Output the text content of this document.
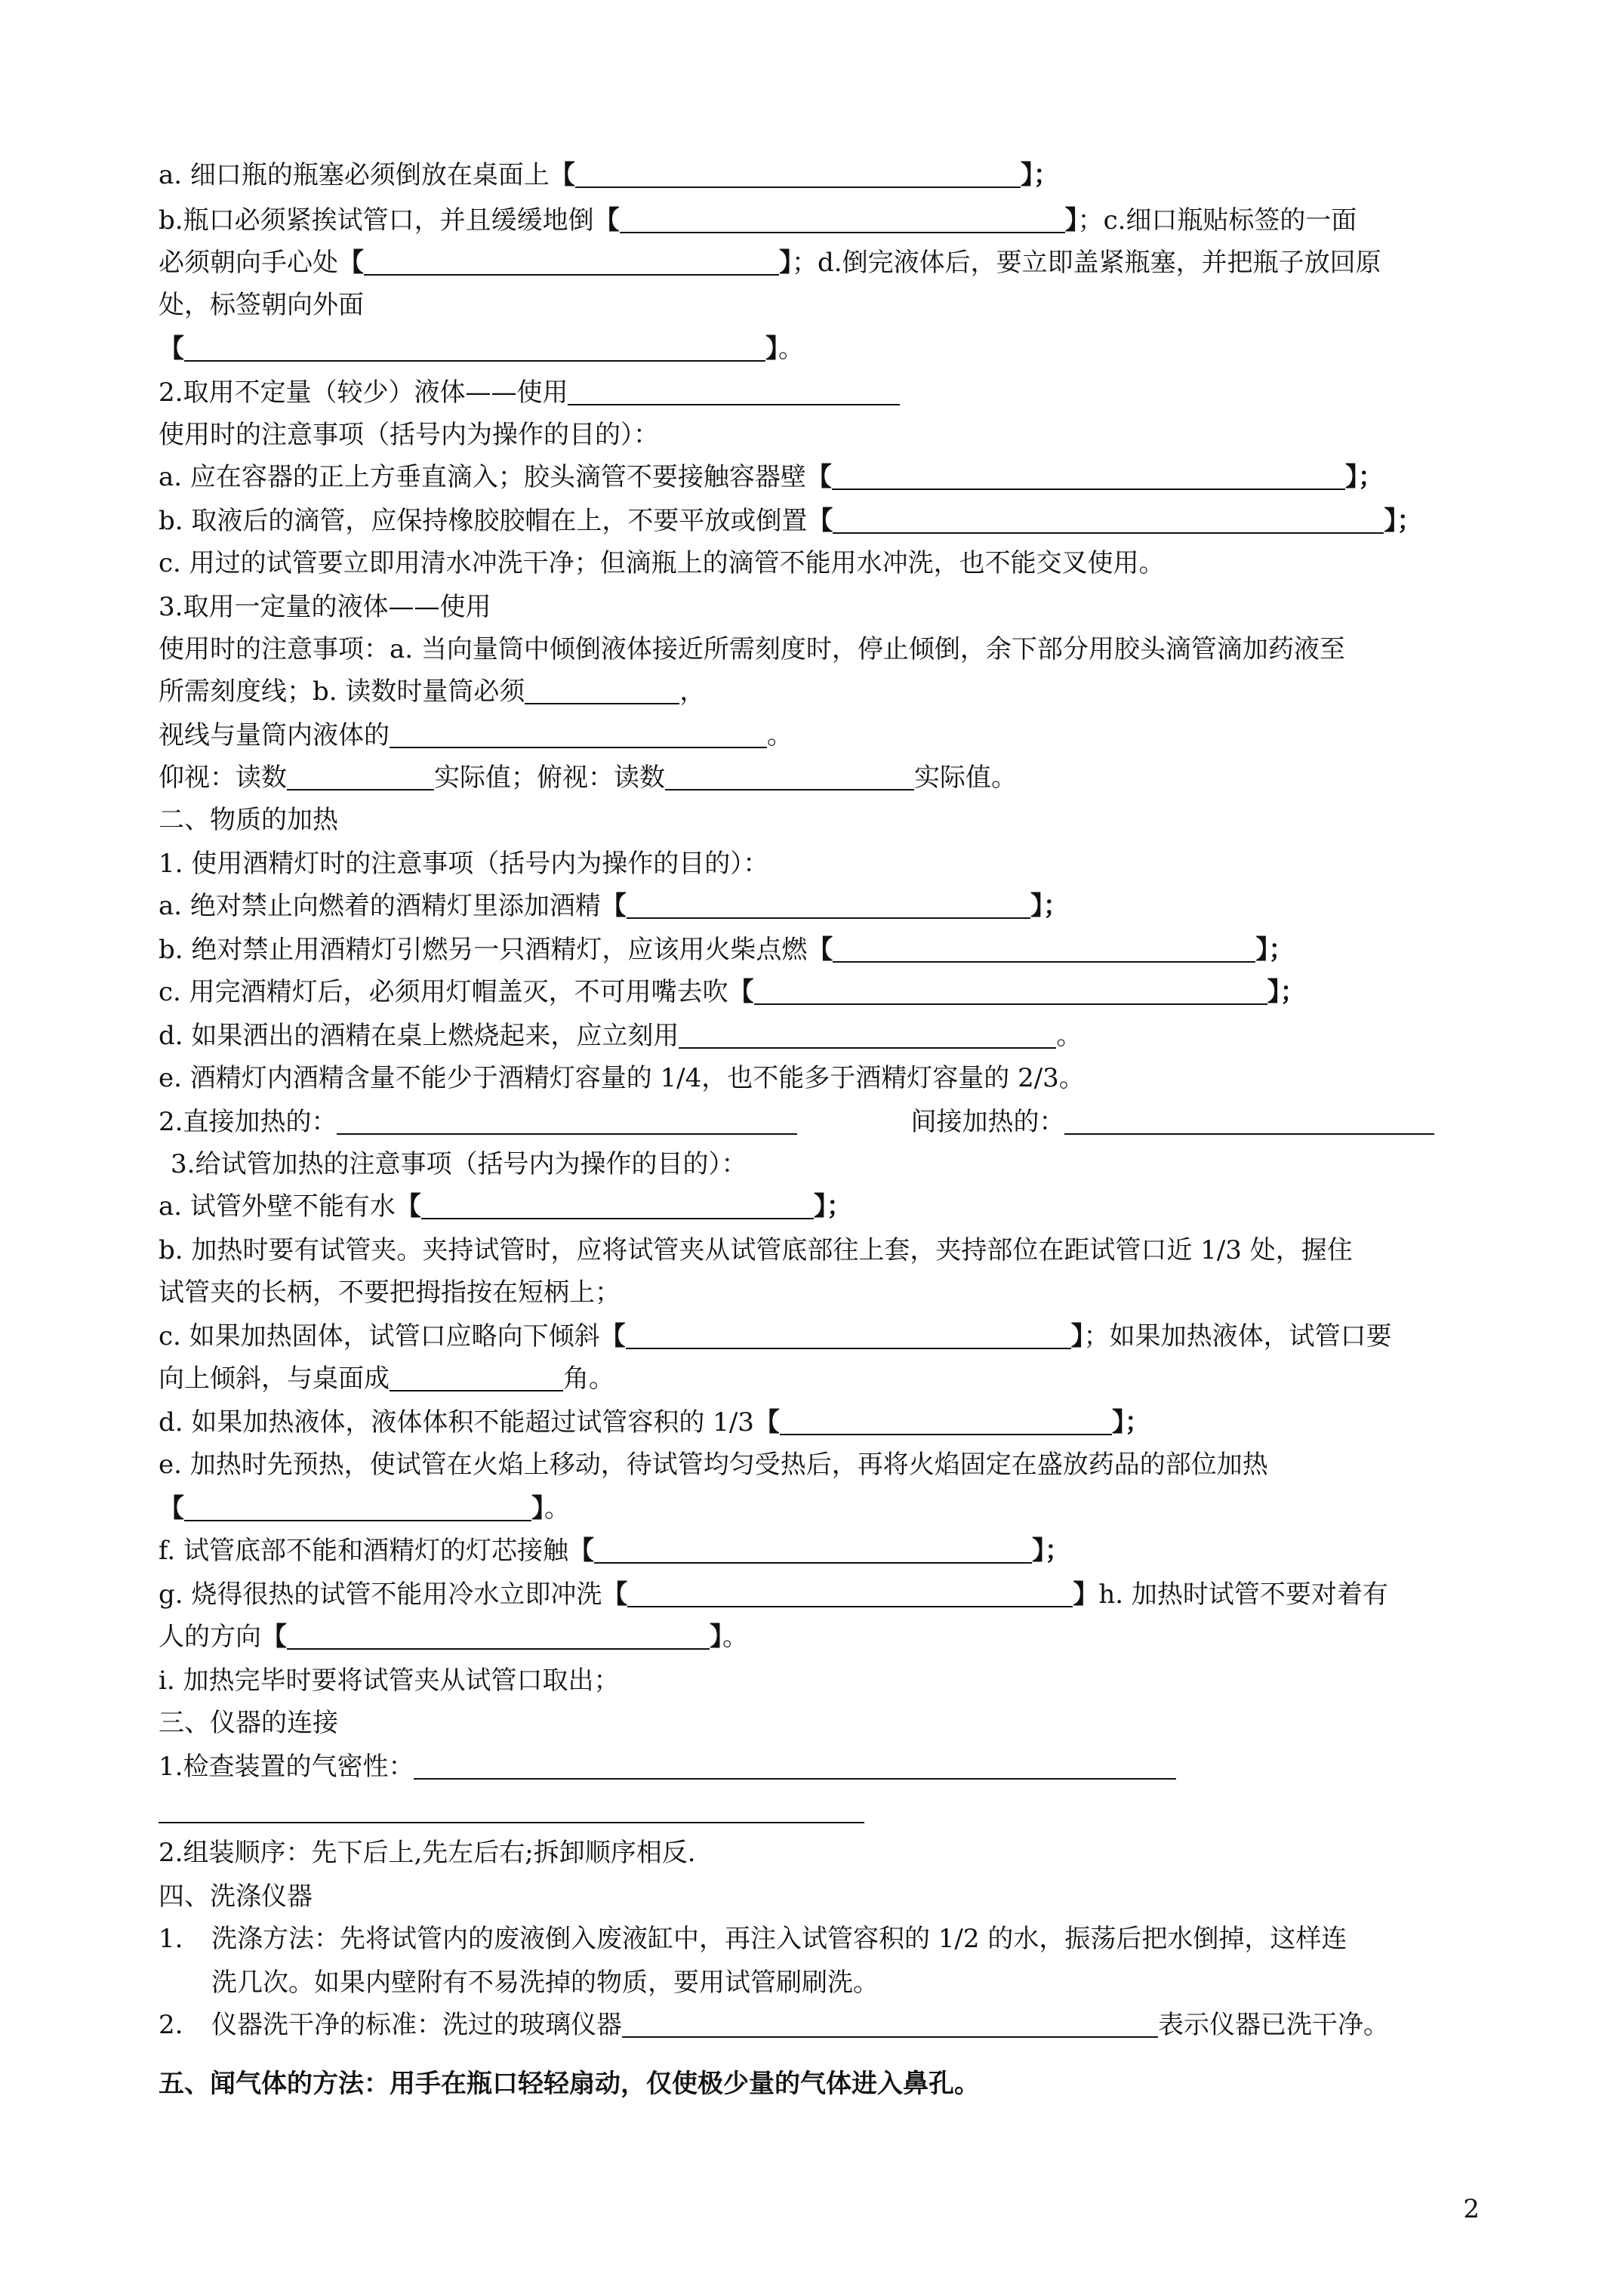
a. 细口瓶的瓶塞必须倒放在桌面上【	】；
b.瓶口必须紧挨试管口，并且缓缓地倒【	】；c.细口瓶贴标签的一面
必须朝向手心处【	】；d.倒完液体后，要立即盖紧瓶塞，并把瓶子放回原
处，标签朝向外面
【	】。
2.取用不定量（较少）液体——使用
使用时的注意事项（括号内为操作的目的）：
a. 应在容器的正上方垂直滴入；胶头滴管不要接触容器壁【	】；
b. 取液后的滴管，应保持橡胶胶帽在上，不要平放或倒置【	】；
c. 用过的试管要立即用清水冲洗干净；但滴瓶上的滴管不能用水冲洗，也不能交叉使用。
3.取用一定量的液体——使用
使用时的注意事项：a. 当向量筒中倾倒液体接近所需刻度时，停止倾倒，余下部分用胶头滴管滴加药液至
所需刻度线；b. 读数时量筒必须	，
视线与量筒内液体的	。
仰视：读数	实际值；俯视：读数	实际值。
二、物质的加热
1. 使用酒精灯时的注意事项（括号内为操作的目的）：
a. 绝对禁止向燃着的酒精灯里添加酒精【	】；
b. 绝对禁止用酒精灯引燃另一只酒精灯，应该用火柴点燃【	】；
c. 用完酒精灯后，必须用灯帽盖灭，不可用嘴去吹【	】；
d. 如果洒出的酒精在桌上燃烧起来，应立刻用	。
e. 酒精灯内酒精含量不能少于酒精灯容量的 1/4，也不能多于酒精灯容量的 2/3。
2.直接加热的：	间接加热的：
3.给试管加热的注意事项（括号内为操作的目的）：
a. 试管外壁不能有水【	】；
b. 加热时要有试管夹。夹持试管时，应将试管夹从试管底部往上套，夹持部位在距试管口近 1/3 处，握住
试管夹的长柄，不要把拇指按在短柄上；
c. 如果加热固体，试管口应略向下倾斜【	】；如果加热液体，试管口要
向上倾斜，与桌面成	角。
d. 如果加热液体，液体体积不能超过试管容积的 1/3【	】；
e. 加热时先预热，使试管在火焰上移动，待试管均匀受热后，再将火焰固定在盛放药品的部位加热
【	】。
f. 试管底部不能和酒精灯的灯芯接触【	】；
g. 烧得很热的试管不能用冷水立即冲洗【	】h. 加热时试管不要对着有
人的方向【	】。
i. 加热完毕时要将试管夹从试管口取出；
三、仪器的连接
1.检查装置的气密性：
2.组装顺序：先下后上,先左后右;拆卸顺序相反.
四、洗涤仪器
1. 洗涤方法：先将试管内的废液倒入废液缸中，再注入试管容积的 1/2 的水，振荡后把水倒掉，这样连
洗几次。如果内壁附有不易洗掉的物质，要用试管刷刷洗。
2. 仪器洗干净的标准：洗过的玻璃仪器	表示仪器已洗干净。
五、闻气体的方法：用手在瓶口轻轻扇动，仅使极少量的气体进入鼻孔。
2
